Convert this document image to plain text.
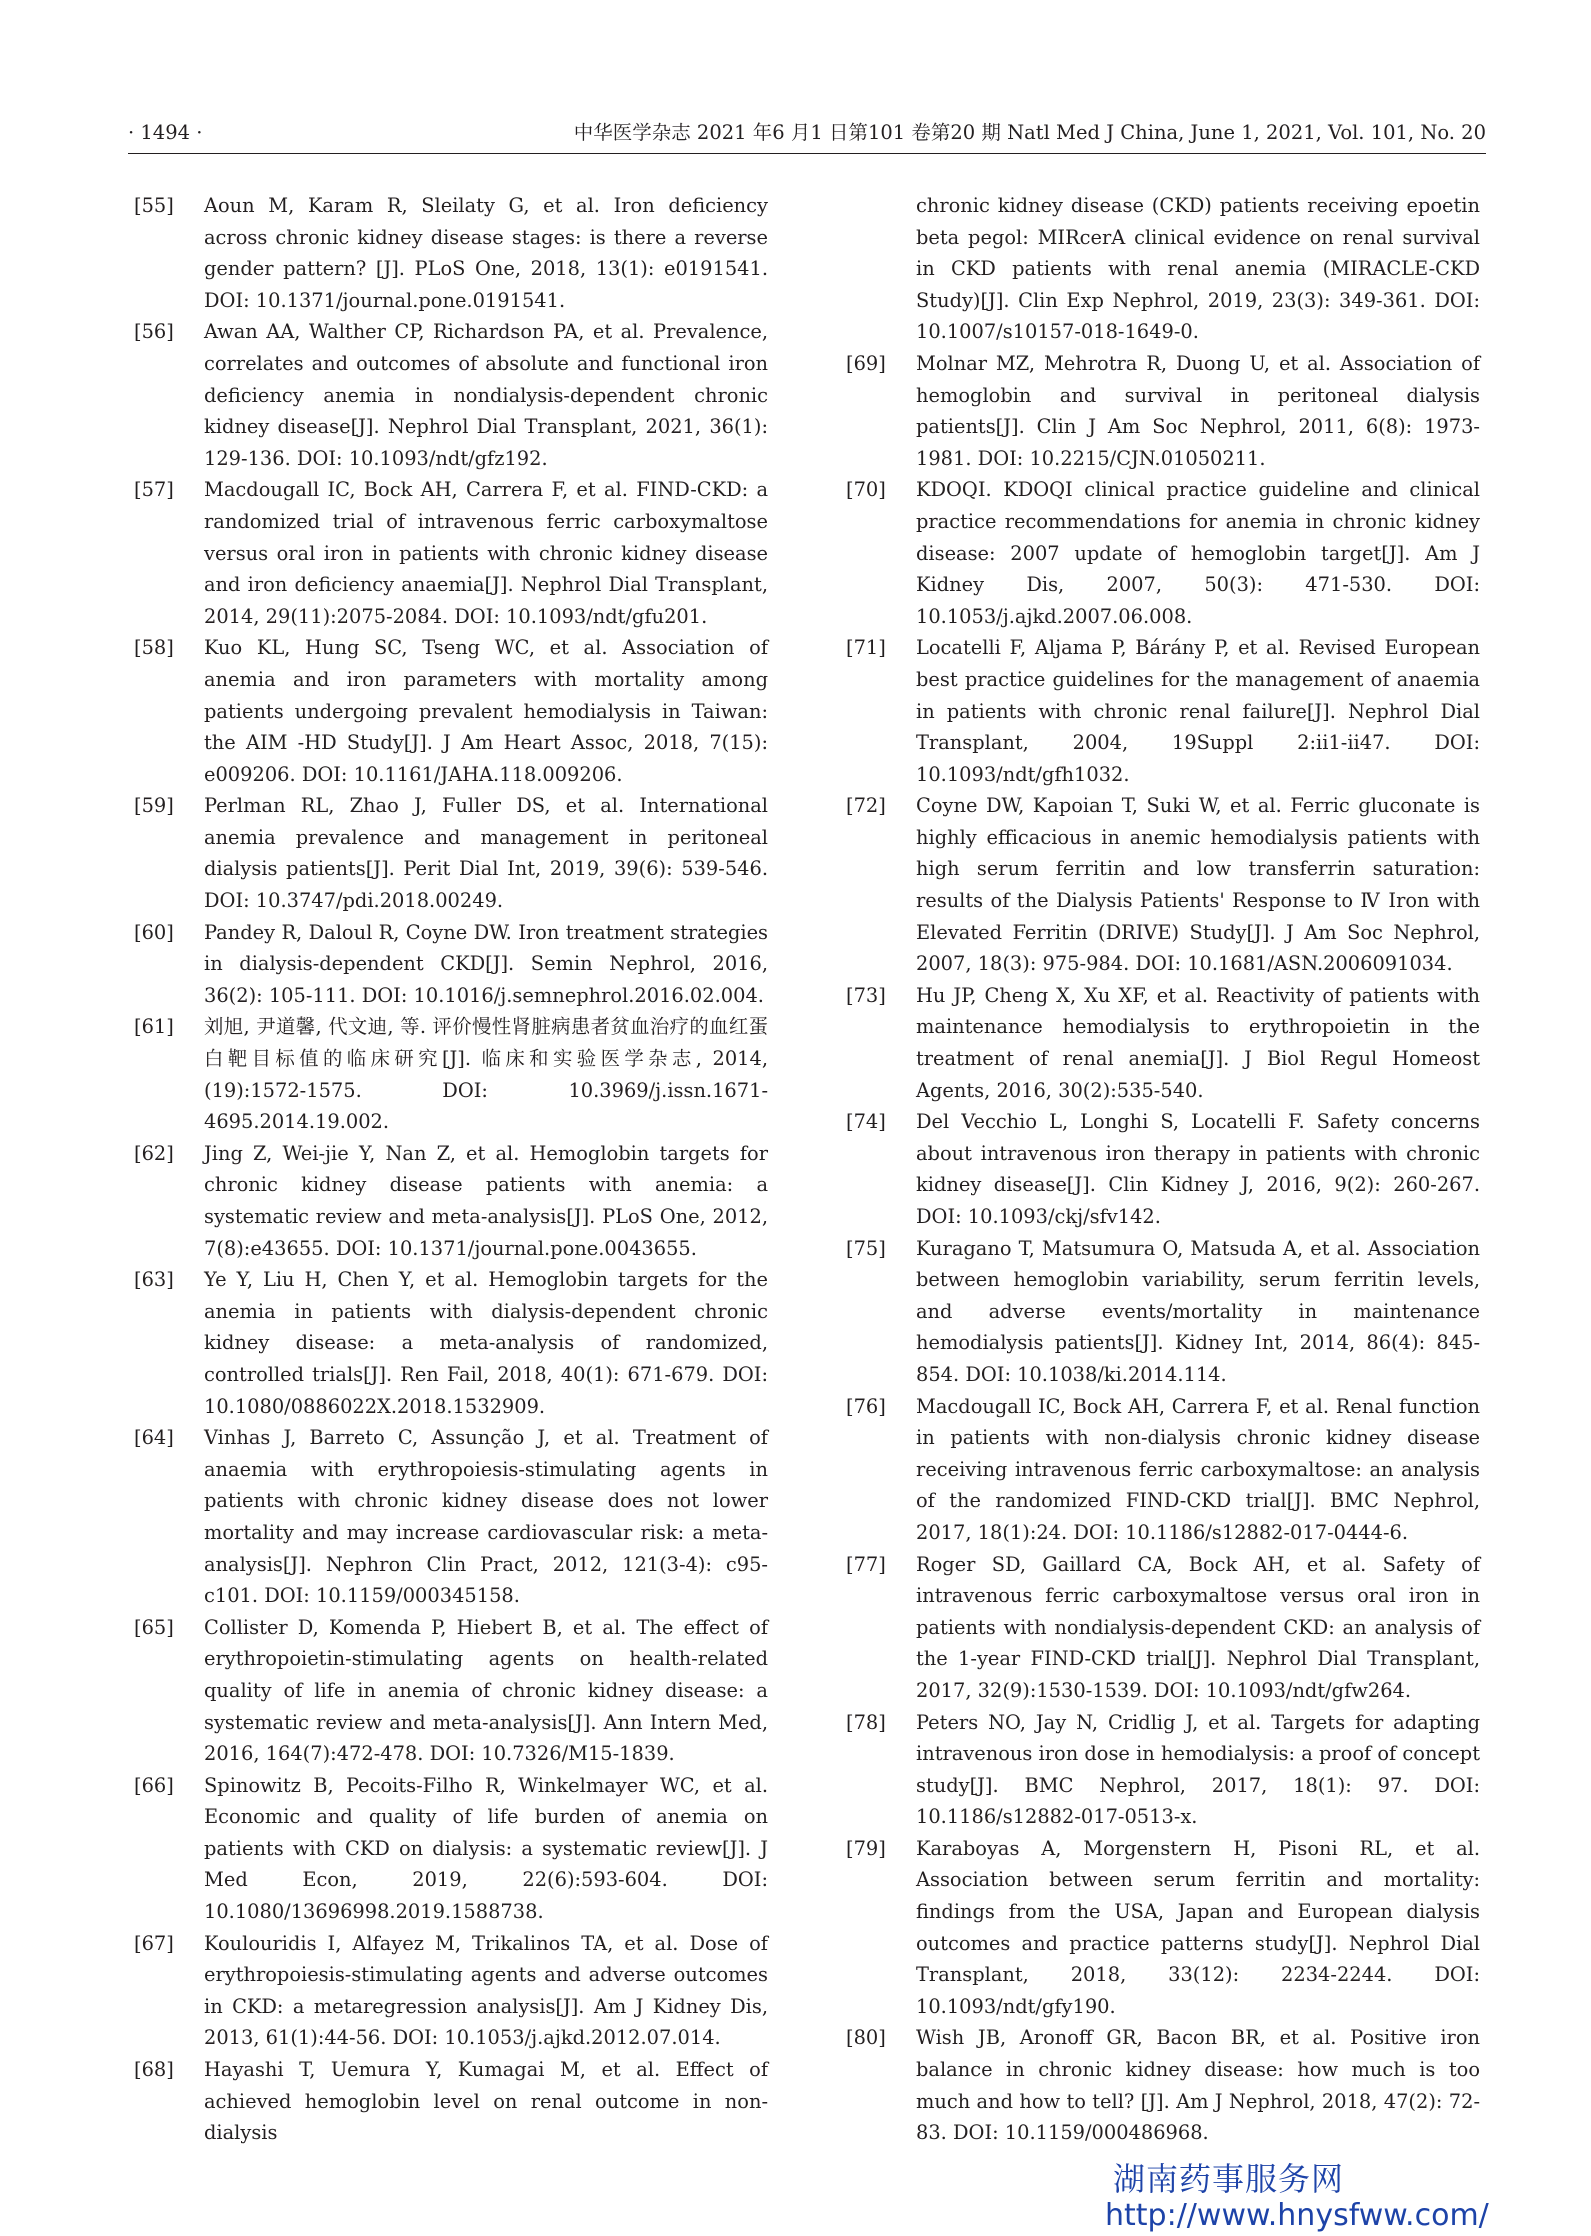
· 1494 ·	中华医学杂志 2021 年6 月1 日第101 卷第20 期 Natl Med J China, June 1, 2021, Vol. 101, No. 20
[55]	Aoun M, Karam R, Sleilaty G, et al. Iron deficiency across chronic kidney disease stages: is there a reverse gender pattern? [J]. PLoS One, 2018, 13(1): e0191541. DOI: 10.1371/journal.pone.0191541.
[56]	Awan AA, Walther CP, Richardson PA, et al. Prevalence, correlates and outcomes of absolute and functional iron deficiency anemia in nondialysis-dependent chronic kidney disease[J]. Nephrol Dial Transplant, 2021, 36(1): 129-136. DOI: 10.1093/ndt/gfz192.
[57]	Macdougall IC, Bock AH, Carrera F, et al. FIND-CKD: a randomized trial of intravenous ferric carboxymaltose versus oral iron in patients with chronic kidney disease and iron deficiency anaemia[J]. Nephrol Dial Transplant, 2014, 29(11):2075-2084. DOI: 10.1093/ndt/gfu201.
[58]	Kuo KL, Hung SC, Tseng WC, et al. Association of anemia and iron parameters with mortality among patients undergoing prevalent hemodialysis in Taiwan: the AIM -HD Study[J]. J Am Heart Assoc, 2018, 7(15): e009206. DOI: 10.1161/JAHA.118.009206.
[59]	Perlman RL, Zhao J, Fuller DS, et al. International anemia prevalence and management in peritoneal dialysis patients[J]. Perit Dial Int, 2019, 39(6): 539-546. DOI: 10.3747/pdi.2018.00249.
[60]	Pandey R, Daloul R, Coyne DW. Iron treatment strategies in dialysis-dependent CKD[J]. Semin Nephrol, 2016, 36(2): 105-111. DOI: 10.1016/j.semnephrol.2016.02.004.
[61]	刘旭, 尹道馨, 代文迪, 等. 评价慢性肾脏病患者贫血治疗的血红蛋白靶目标值的临床研究[J]. 临床和实验医学杂志, 2014, (19):1572-1575. DOI: 10.3969/j.issn.1671-4695.2014.19.002.
[62]	Jing Z, Wei-jie Y, Nan Z, et al. Hemoglobin targets for chronic kidney disease patients with anemia: a systematic review and meta-analysis[J]. PLoS One, 2012, 7(8):e43655. DOI: 10.1371/journal.pone.0043655.
[63]	Ye Y, Liu H, Chen Y, et al. Hemoglobin targets for the anemia in patients with dialysis-dependent chronic kidney disease: a meta-analysis of randomized, controlled trials[J]. Ren Fail, 2018, 40(1): 671-679. DOI: 10.1080/0886022X.2018.1532909.
[64]	Vinhas J, Barreto C, Assunção J, et al. Treatment of anaemia with erythropoiesis-stimulating agents in patients with chronic kidney disease does not lower mortality and may increase cardiovascular risk: a meta-analysis[J]. Nephron Clin Pract, 2012, 121(3-4): c95-c101. DOI: 10.1159/000345158.
[65]	Collister D, Komenda P, Hiebert B, et al. The effect of erythropoietin-stimulating agents on health-related quality of life in anemia of chronic kidney disease: a systematic review and meta-analysis[J]. Ann Intern Med, 2016, 164(7):472-478. DOI: 10.7326/M15-1839.
[66]	Spinowitz B, Pecoits-Filho R, Winkelmayer WC, et al. Economic and quality of life burden of anemia on patients with CKD on dialysis: a systematic review[J]. J Med Econ, 2019, 22(6):593-604. DOI: 10.1080/13696998.2019.1588738.
[67]	Koulouridis I, Alfayez M, Trikalinos TA, et al. Dose of erythropoiesis-stimulating agents and adverse outcomes in CKD: a metaregression analysis[J]. Am J Kidney Dis, 2013, 61(1):44-56. DOI: 10.1053/j.ajkd.2012.07.014.
[68]	Hayashi T, Uemura Y, Kumagai M, et al. Effect of achieved hemoglobin level on renal outcome in non-dialysis
chronic kidney disease (CKD) patients receiving epoetin beta pegol: MIRcerA clinical evidence on renal survival in CKD patients with renal anemia (MIRACLE-CKD Study)[J]. Clin Exp Nephrol, 2019, 23(3): 349-361. DOI: 10.1007/s10157-018-1649-0.
[69]	Molnar MZ, Mehrotra R, Duong U, et al. Association of hemoglobin and survival in peritoneal dialysis patients[J]. Clin J Am Soc Nephrol, 2011, 6(8): 1973-1981. DOI: 10.2215/CJN.01050211.
[70]	KDOQI. KDOQI clinical practice guideline and clinical practice recommendations for anemia in chronic kidney disease: 2007 update of hemoglobin target[J]. Am J Kidney Dis, 2007, 50(3): 471-530. DOI: 10.1053/j.ajkd.2007.06.008.
[71]	Locatelli F, Aljama P, Bárány P, et al. Revised European best practice guidelines for the management of anaemia in patients with chronic renal failure[J]. Nephrol Dial Transplant, 2004, 19Suppl 2:ii1-ii47. DOI: 10.1093/ndt/gfh1032.
[72]	Coyne DW, Kapoian T, Suki W, et al. Ferric gluconate is highly efficacious in anemic hemodialysis patients with high serum ferritin and low transferrin saturation: results of the Dialysis Patients' Response to Ⅳ Iron with Elevated Ferritin (DRIVE) Study[J]. J Am Soc Nephrol, 2007, 18(3): 975-984. DOI: 10.1681/ASN.2006091034.
[73]	Hu JP, Cheng X, Xu XF, et al. Reactivity of patients with maintenance hemodialysis to erythropoietin in the treatment of renal anemia[J]. J Biol Regul Homeost Agents, 2016, 30(2):535-540.
[74]	Del Vecchio L, Longhi S, Locatelli F. Safety concerns about intravenous iron therapy in patients with chronic kidney disease[J]. Clin Kidney J, 2016, 9(2): 260-267. DOI: 10.1093/ckj/sfv142.
[75]	Kuragano T, Matsumura O, Matsuda A, et al. Association between hemoglobin variability, serum ferritin levels, and adverse events/mortality in maintenance hemodialysis patients[J]. Kidney Int, 2014, 86(4): 845-854. DOI: 10.1038/ki.2014.114.
[76]	Macdougall IC, Bock AH, Carrera F, et al. Renal function in patients with non-dialysis chronic kidney disease receiving intravenous ferric carboxymaltose: an analysis of the randomized FIND-CKD trial[J]. BMC Nephrol, 2017, 18(1):24. DOI: 10.1186/s12882-017-0444-6.
[77]	Roger SD, Gaillard CA, Bock AH, et al. Safety of intravenous ferric carboxymaltose versus oral iron in patients with nondialysis-dependent CKD: an analysis of the 1-year FIND-CKD trial[J]. Nephrol Dial Transplant, 2017, 32(9):1530-1539. DOI: 10.1093/ndt/gfw264.
[78]	Peters NO, Jay N, Cridlig J, et al. Targets for adapting intravenous iron dose in hemodialysis: a proof of concept study[J]. BMC Nephrol, 2017, 18(1): 97. DOI: 10.1186/s12882-017-0513-x.
[79]	Karaboyas A, Morgenstern H, Pisoni RL, et al. Association between serum ferritin and mortality: findings from the USA, Japan and European dialysis outcomes and practice patterns study[J]. Nephrol Dial Transplant, 2018, 33(12): 2234-2244. DOI: 10.1093/ndt/gfy190.
[80]	Wish JB, Aronoff GR, Bacon BR, et al. Positive iron balance in chronic kidney disease: how much is too much and how to tell? [J]. Am J Nephrol, 2018, 47(2): 72-83. DOI: 10.1159/000486968.
湖南药事服务网
http://www.hnysfww.com/
